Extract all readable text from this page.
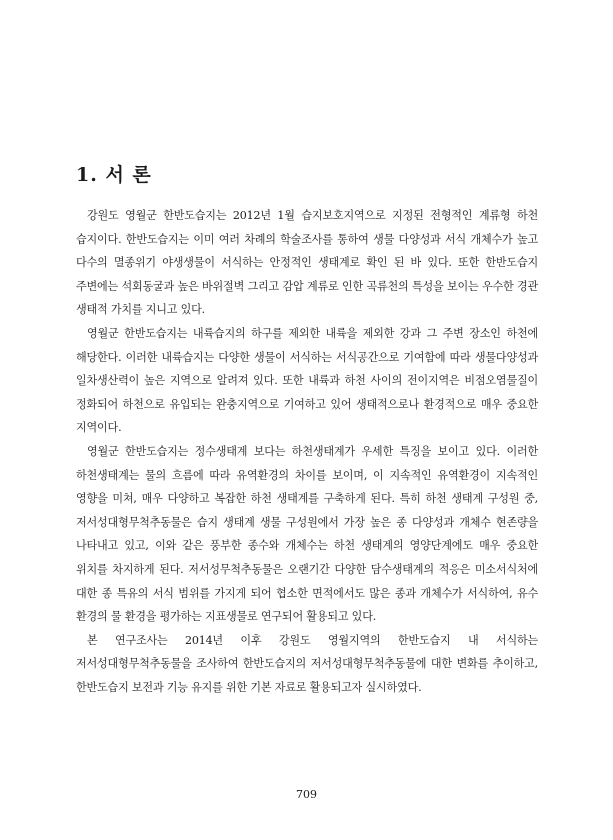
1. 서 론

강원도 영월군 한반도습지는 2012년 1월 습지보호지역으로 지정된 전형적인 계류형 하천 습지이다. 한반도습지는 이미 여러 차례의 학술조사를 통하여 생물 다양성과 서식 개체수가 높고 다수의 멸종위기 야생생물이 서식하는 안정적인 생태계로 확인 된 바 있다. 또한 한반도습지 주변에는 석회동굴과 높은 바위절벽 그리고 감압 계류로 인한 곡류천의 특성을 보이는 우수한 경관 생태적 가치를 지니고 있다.

영월군 한반도습지는 내륙습지의 하구를 제외한 내륙을 제외한 강과 그 주변 장소인 하천에 해당한다. 이러한 내륙습지는 다양한 생물이 서식하는 서식공간으로 기여함에 따라 생물다양성과 일차생산력이 높은 지역으로 알려져 있다. 또한 내륙과 하천 사이의 전이지역은 비점오염물질이 정화되어 하천으로 유입되는 완충지역으로 기여하고 있어 생태적으로나 환경적으로 매우 중요한 지역이다.

영월군 한반도습지는 정수생태계 보다는 하천생태계가 우세한 특징을 보이고 있다. 이러한 하천생태계는 물의 흐름에 따라 유역환경의 차이를 보이며, 이 지속적인 유역환경이 지속적인 영향을 미쳐, 매우 다양하고 복잡한 하천 생태계를 구축하게 된다. 특히 하천 생태계 구성원 중, 저서성대형무척추동물은 습지 생태계 생물 구성원에서 가장 높은 종 다양성과 개체수 현존량을 나타내고 있고, 이와 같은 풍부한 종수와 개체수는 하천 생태계의 영양단계에도 매우 중요한 위치를 차지하게 된다. 저서성무척추동물은 오랜기간 다양한 담수생태계의 적응은 미소서식처에 대한 종 특유의 서식 범위를 가지게 되어 협소한 면적에서도 많은 종과 개체수가 서식하여, 유수 환경의 물 환경을 평가하는 지표생물로 연구되어 활용되고 있다.

본 연구조사는 2014년 이후 강원도 영월지역의 한반도습지 내 서식하는 저서성대형무척추동물을 조사하여 한반도습지의 저서성대형무척추동물에 대한 변화를 추이하고, 한반도습지 보전과 기능 유지를 위한 기본 자료로 활용되고자 실시하였다.

709
